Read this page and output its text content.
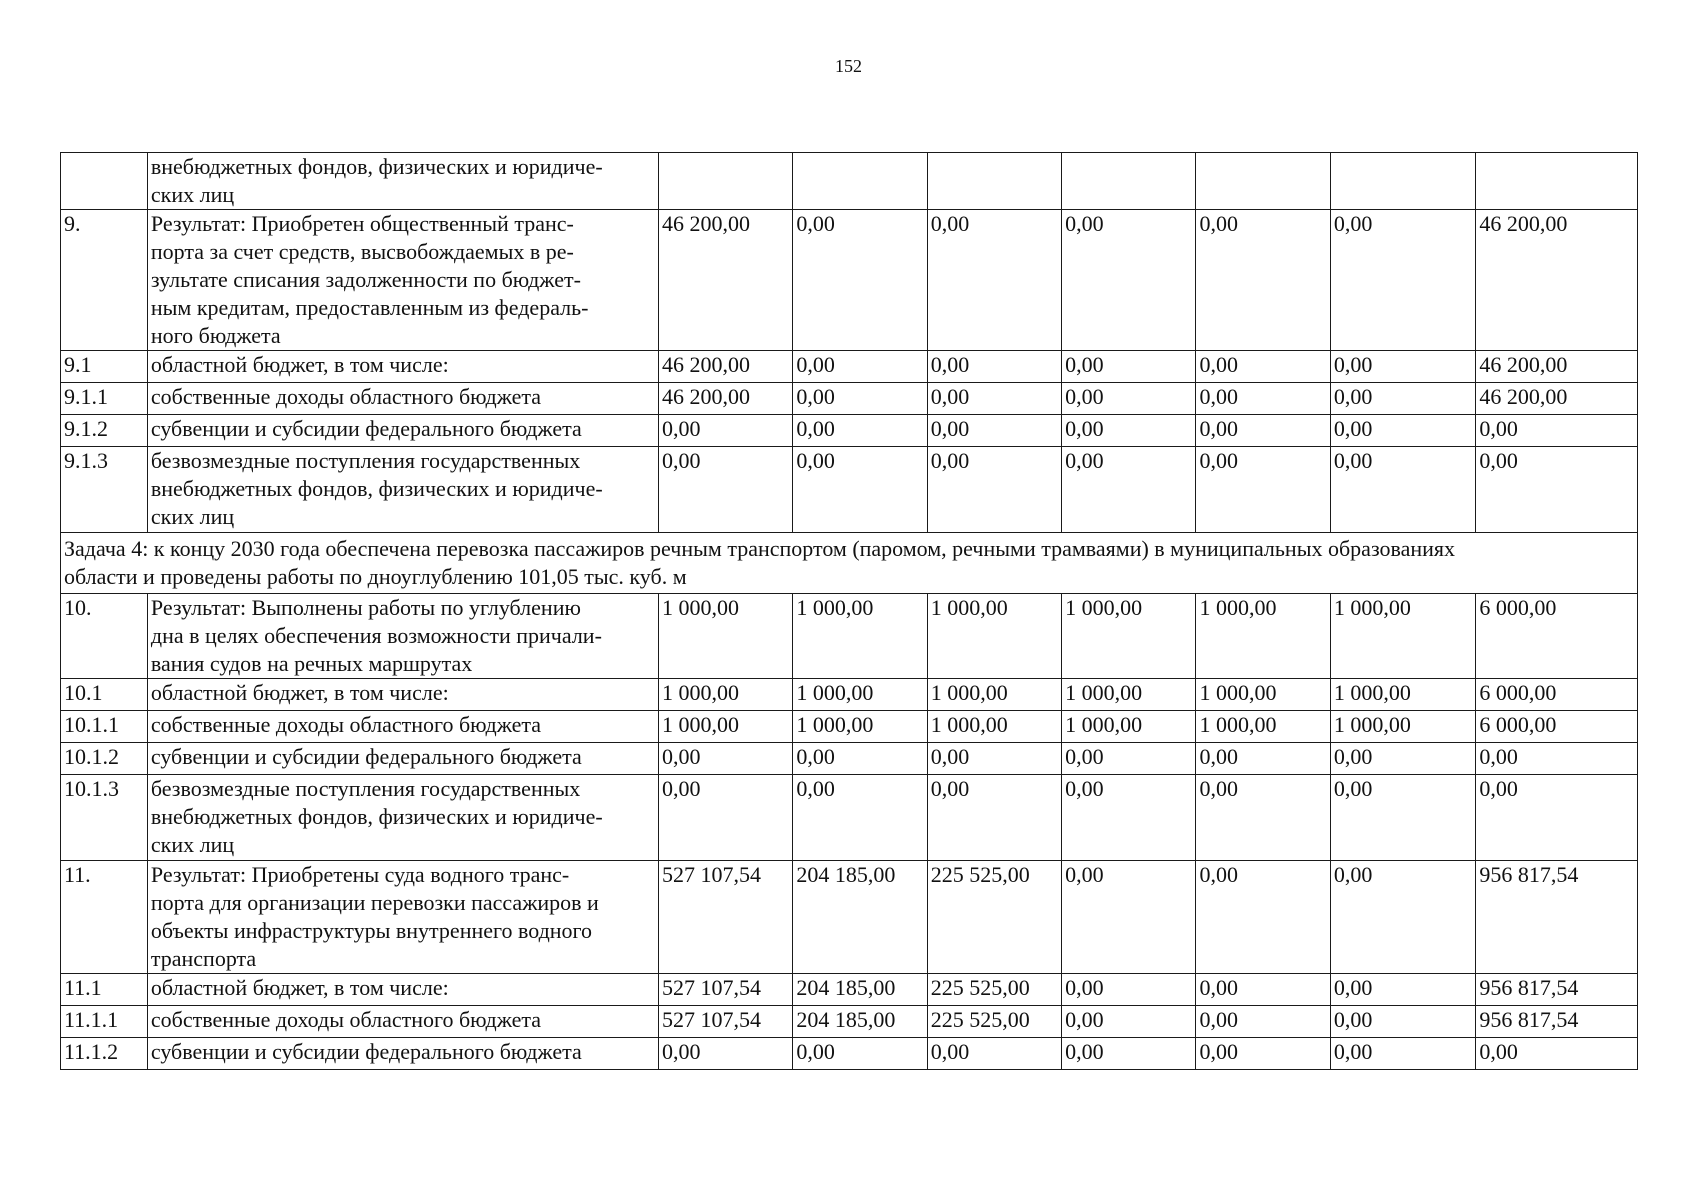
152
	внебюджетных фондов, физических и юридиче-
ских лиц							
9.	Результат: Приобретен общественный транс-
порта за счет средств, высвобождаемых в ре-
зультате списания задолженности по бюджет-
ным кредитам, предоставленным из федераль-
ного бюджета	46 200,00	0,00	0,00	0,00	0,00	0,00	46 200,00
9.1	областной бюджет, в том числе:	46 200,00	0,00	0,00	0,00	0,00	0,00	46 200,00
9.1.1	собственные доходы областного бюджета	46 200,00	0,00	0,00	0,00	0,00	0,00	46 200,00
9.1.2	субвенции и субсидии федерального бюджета	0,00	0,00	0,00	0,00	0,00	0,00	0,00
9.1.3	безвозмездные поступления государственных
внебюджетных фондов, физических и юридиче-
ских лиц	0,00	0,00	0,00	0,00	0,00	0,00	0,00
Задача 4: к концу 2030 года обеспечена перевозка пассажиров речным транспортом (паромом, речными трамваями) в муниципальных образованиях
области и проведены работы по дноуглублению 101,05 тыс. куб. м								
10.	Результат: Выполнены работы по углублению
дна в целях обеспечения возможности причали-
вания судов на речных маршрутах	1 000,00	1 000,00	1 000,00	1 000,00	1 000,00	1 000,00	6 000,00
10.1	областной бюджет, в том числе:	1 000,00	1 000,00	1 000,00	1 000,00	1 000,00	1 000,00	6 000,00
10.1.1	собственные доходы областного бюджета	1 000,00	1 000,00	1 000,00	1 000,00	1 000,00	1 000,00	6 000,00
10.1.2	субвенции и субсидии федерального бюджета	0,00	0,00	0,00	0,00	0,00	0,00	0,00
10.1.3	безвозмездные поступления государственных
внебюджетных фондов, физических и юридиче-
ских лиц	0,00	0,00	0,00	0,00	0,00	0,00	0,00
11.	Результат: Приобретены суда водного транс-
порта для организации перевозки пассажиров и
объекты инфраструктуры внутреннего водного
транспорта	527 107,54	204 185,00	225 525,00	0,00	0,00	0,00	956 817,54
11.1	областной бюджет, в том числе:	527 107,54	204 185,00	225 525,00	0,00	0,00	0,00	956 817,54
11.1.1	собственные доходы областного бюджета	527 107,54	204 185,00	225 525,00	0,00	0,00	0,00	956 817,54
11.1.2	субвенции и субсидии федерального бюджета	0,00	0,00	0,00	0,00	0,00	0,00	0,00
